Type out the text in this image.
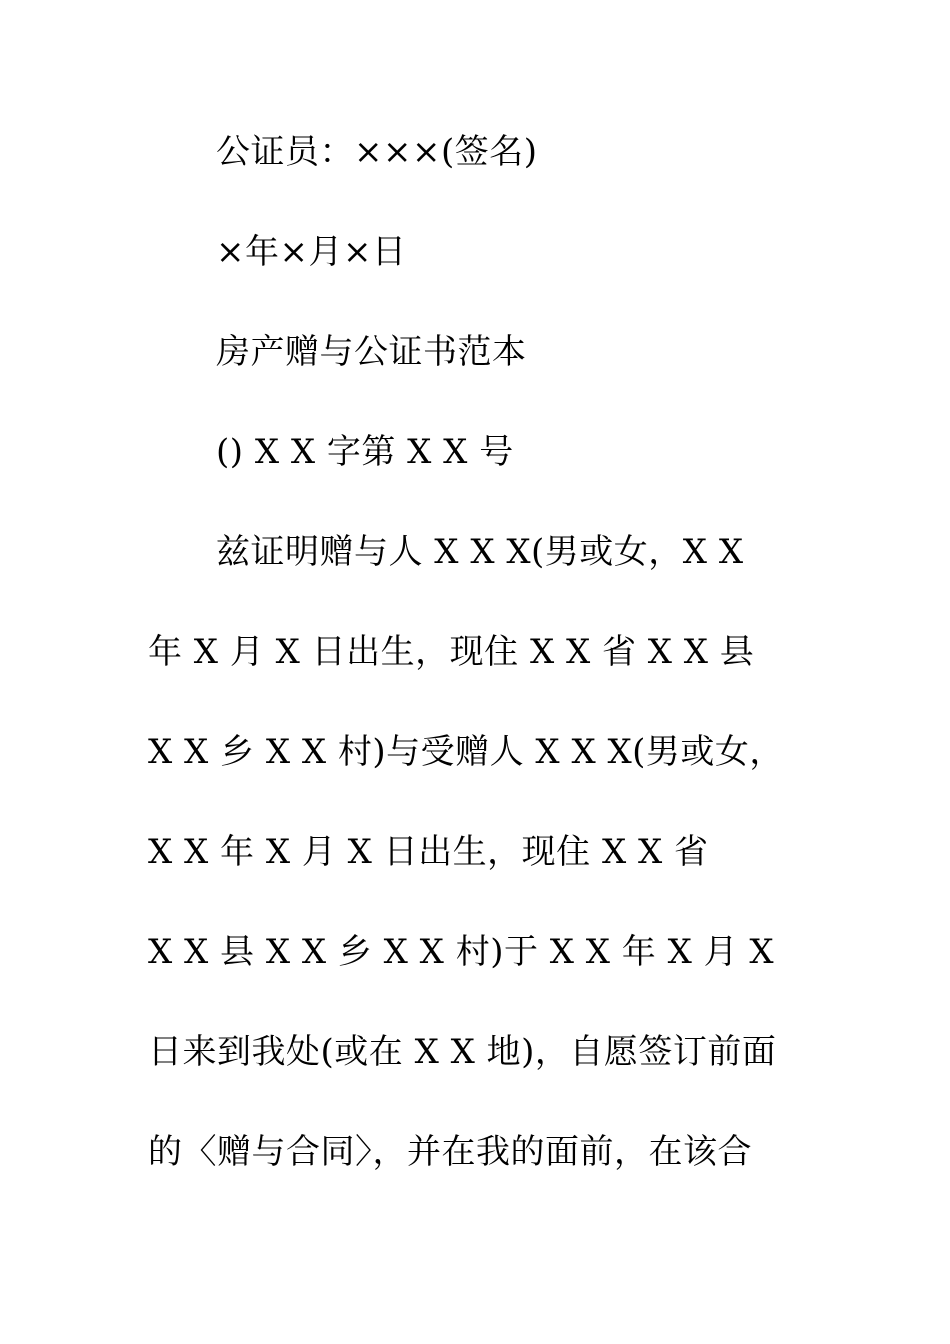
公证员：×××(签名)
×年×月×日
房产赠与公证书范本
() X X 字第 X X 号
兹证明赠与人 X X X(男或女，X X
年 X 月 X 日出生，现住 X X 省 X X 县
X X 乡 X X 村)与受赠人 X X X(男或女，
X X 年 X 月 X 日出生，现住 X X 省
X X 县 X X 乡 X X 村)于 X X 年 X 月 X
日来到我处(或在 X X 地)，自愿签订前面
的〈赠与合同〉，并在我的面前，在该合
